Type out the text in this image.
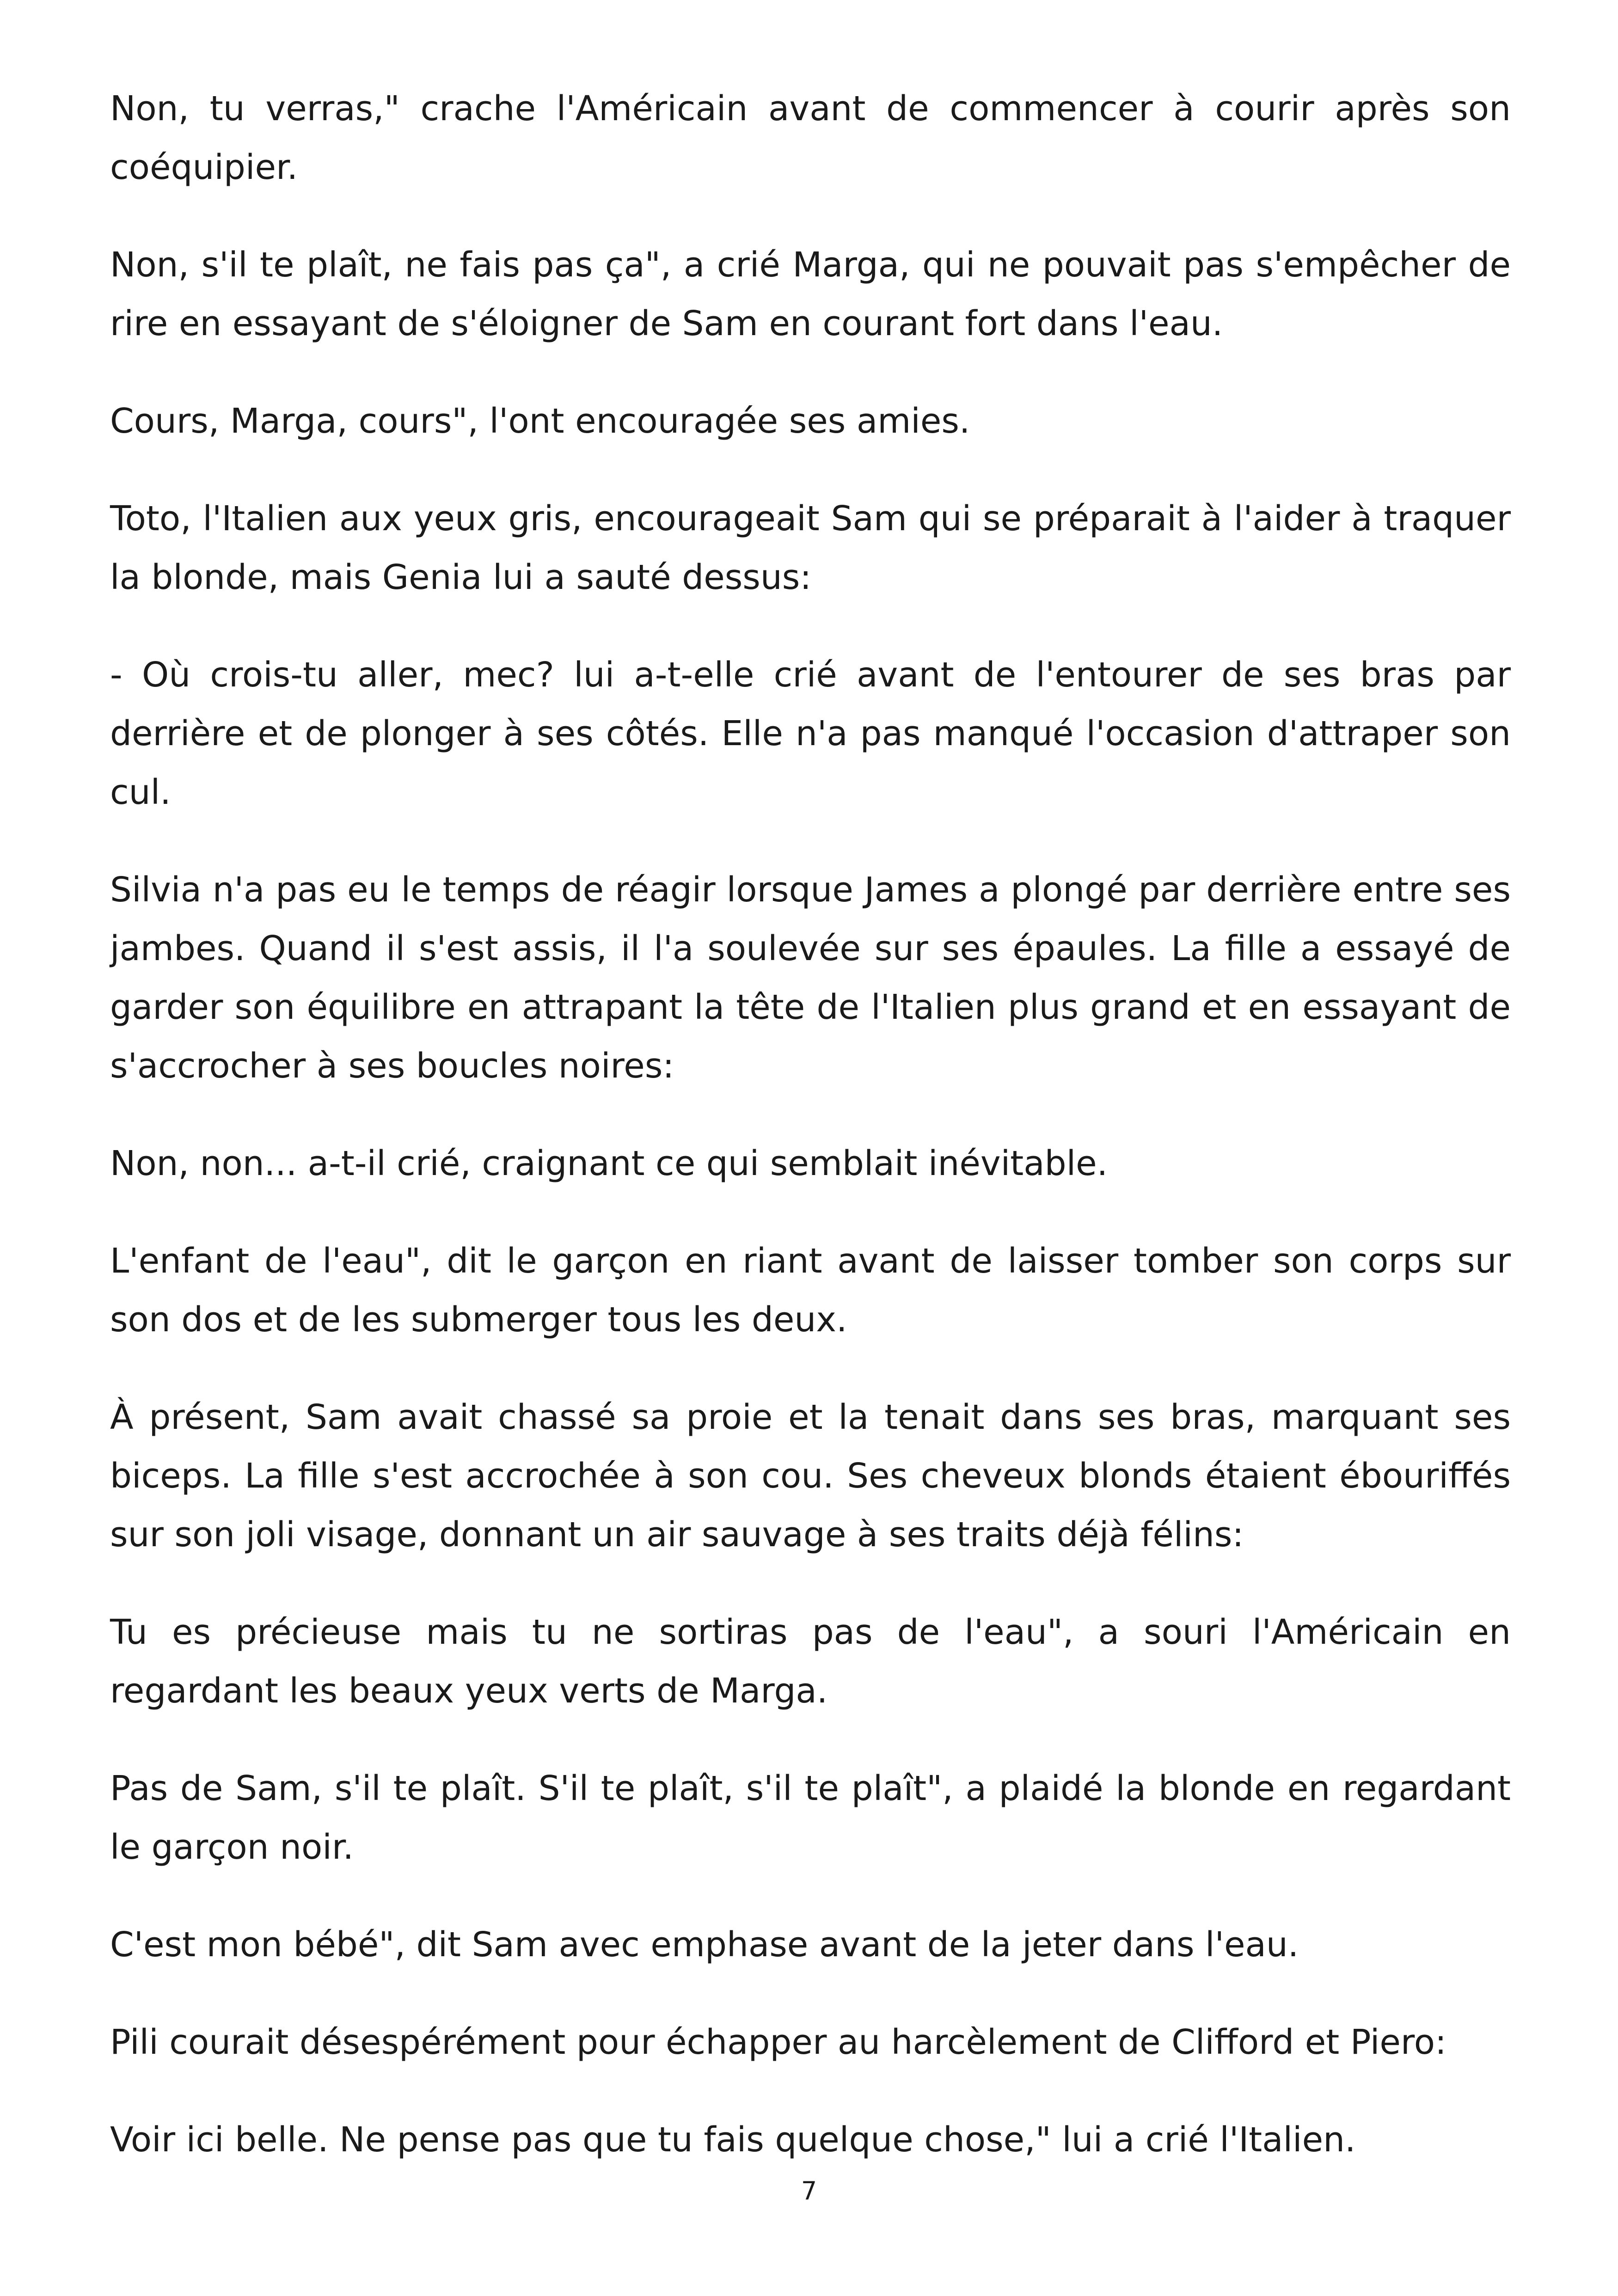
Non, tu verras," crache l'Américain avant de commencer à courir après son coéquipier.

Non, s'il te plaît, ne fais pas ça", a crié Marga, qui ne pouvait pas s'empêcher de rire en essayant de s'éloigner de Sam en courant fort dans l'eau.

Cours, Marga, cours", l'ont encouragée ses amies.

Toto, l'Italien aux yeux gris, encourageait Sam qui se préparait à l'aider à traquer la blonde, mais Genia lui a sauté dessus:

- Où crois-tu aller, mec? lui a-t-elle crié avant de l'entourer de ses bras par derrière et de plonger à ses côtés. Elle n'a pas manqué l'occasion d'attraper son cul.

Silvia n'a pas eu le temps de réagir lorsque James a plongé par derrière entre ses jambes. Quand il s'est assis, il l'a soulevée sur ses épaules. La fille a essayé de garder son équilibre en attrapant la tête de l'Italien plus grand et en essayant de s'accrocher à ses boucles noires:

Non, non... a-t-il crié, craignant ce qui semblait inévitable.

L'enfant de l'eau", dit le garçon en riant avant de laisser tomber son corps sur son dos et de les submerger tous les deux.

À présent, Sam avait chassé sa proie et la tenait dans ses bras, marquant ses biceps. La fille s'est accrochée à son cou. Ses cheveux blonds étaient ébouriffés sur son joli visage, donnant un air sauvage à ses traits déjà félins:

Tu es précieuse mais tu ne sortiras pas de l'eau", a souri l'Américain en regardant les beaux yeux verts de Marga.

Pas de Sam, s'il te plaît. S'il te plaît, s'il te plaît", a plaidé la blonde en regardant le garçon noir.

C'est mon bébé", dit Sam avec emphase avant de la jeter dans l'eau.

Pili courait désespérément pour échapper au harcèlement de Clifford et Piero:

Voir ici belle. Ne pense pas que tu fais quelque chose," lui a crié l'Italien.

7
